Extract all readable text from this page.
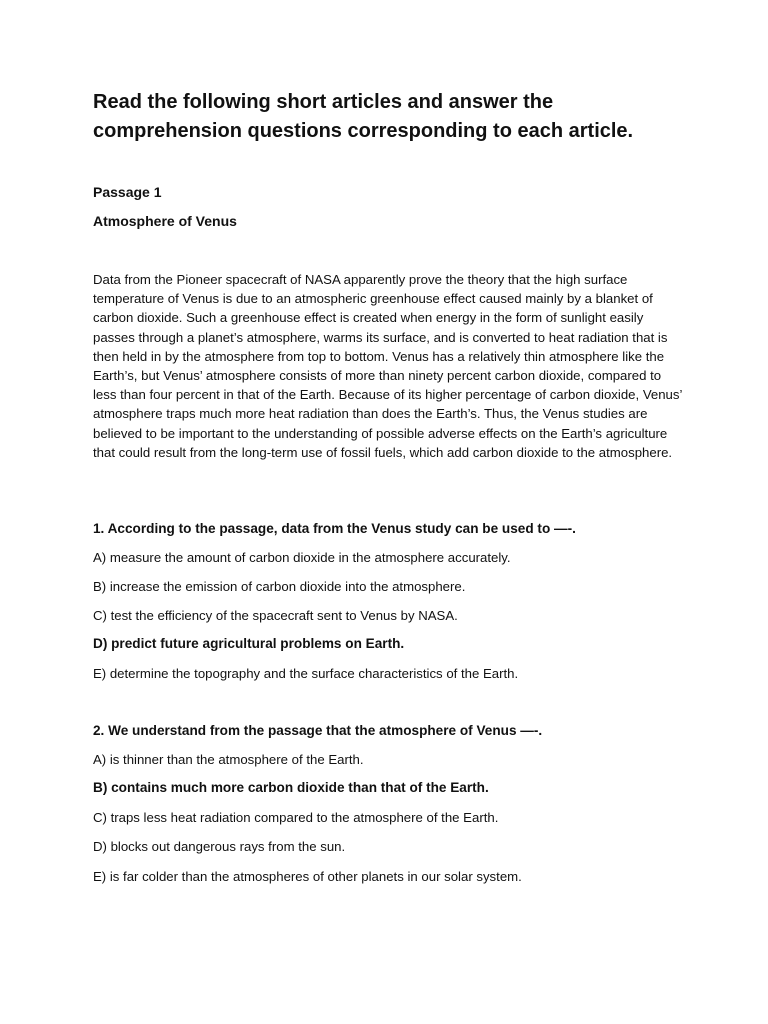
Read the following short articles and answer the comprehension questions corresponding to each article.

Passage 1

Atmosphere of Venus

Data from the Pioneer spacecraft of NASA apparently prove the theory that the high surface temperature of Venus is due to an atmospheric greenhouse effect caused mainly by a blanket of carbon dioxide. Such a greenhouse effect is created when energy in the form of sunlight easily passes through a planet’s atmosphere, warms its surface, and is converted to heat radiation that is then held in by the atmosphere from top to bottom. Venus has a relatively thin atmosphere like the Earth’s, but Venus’ atmosphere consists of more than ninety percent carbon dioxide, compared to less than four percent in that of the Earth. Because of its higher percentage of carbon dioxide, Venus’ atmosphere traps much more heat radiation than does the Earth’s. Thus, the Venus studies are believed to be important to the understanding of possible adverse effects on the Earth’s agriculture that could result from the long-term use of fossil fuels, which add carbon dioxide to the atmosphere.

1. According to the passage, data from the Venus study can be used to —-.

A) measure the amount of carbon dioxide in the atmosphere accurately.

B) increase the emission of carbon dioxide into the atmosphere.

C) test the efficiency of the spacecraft sent to Venus by NASA.

D) predict future agricultural problems on Earth.

E) determine the topography and the surface characteristics of the Earth.

2. We understand from the passage that the atmosphere of Venus —-.

A) is thinner than the atmosphere of the Earth.

B) contains much more carbon dioxide than that of the Earth.

C) traps less heat radiation compared to the atmosphere of the Earth.

D) blocks out dangerous rays from the sun.

E) is far colder than the atmospheres of other planets in our solar system.
